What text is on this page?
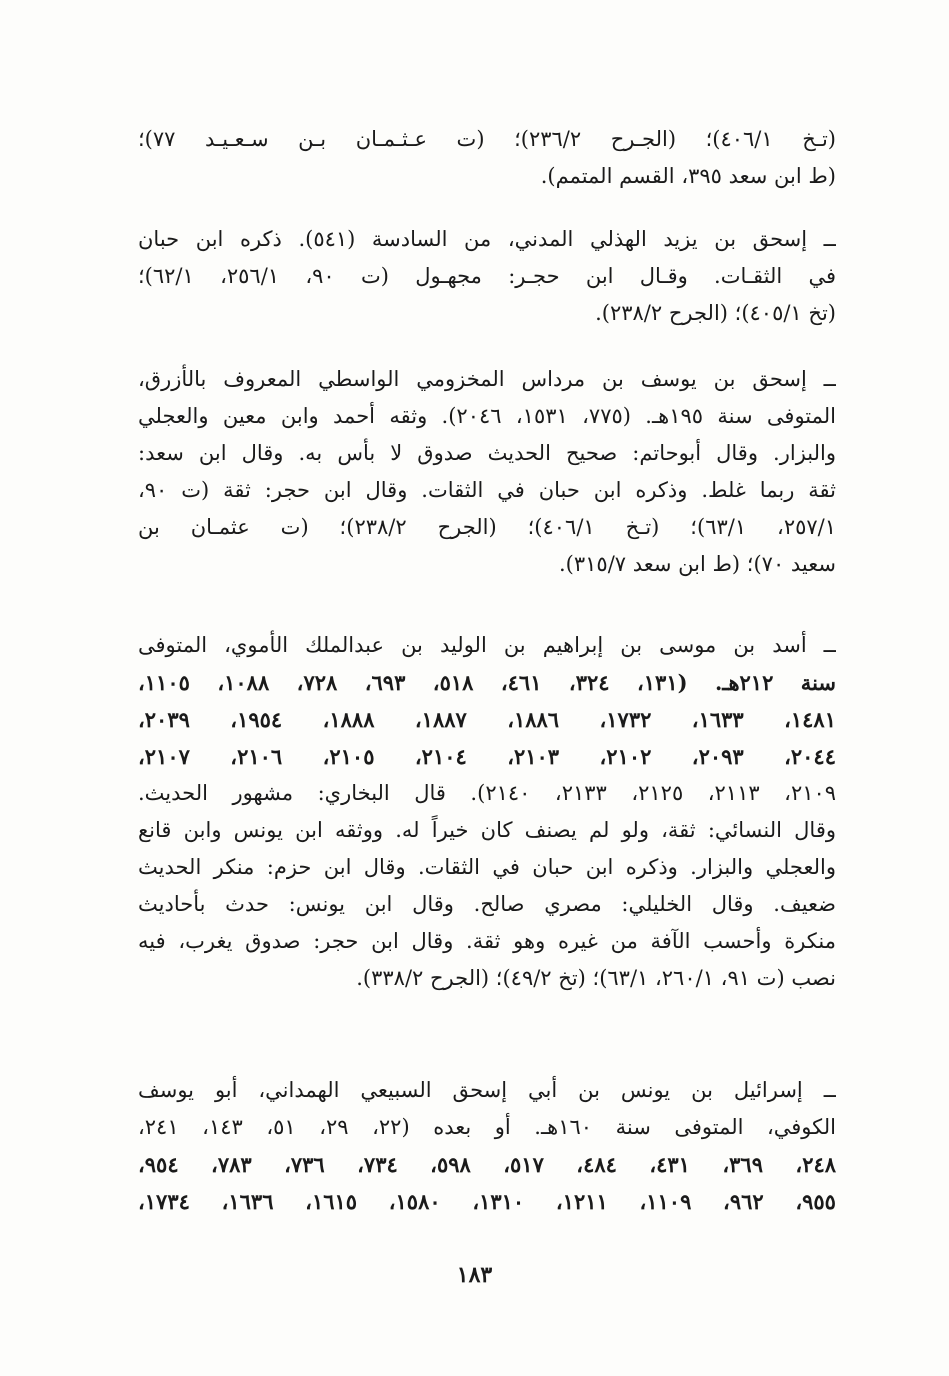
(تـخ ٤٠٦/١)؛ (الجـرح ٢٣٦/٢)؛ (ت عـثـمـان بـن سـعـيـد ٧٧)؛
(ط ابن سعد ٣٩٥، القسم المتمم).
ــ إسحق بن يزيد الهذلي المدني، من السادسة (٥٤١). ذكره ابن حبان
في الثقـات. وقـال ابن حجـر: مجهـول (ت ٩٠، ٢٥٦/١، ٦٢/١)؛
(تخ ٤٠٥/١)؛ (الجرح ٢٣٨/٢).
ــ إسحق بن يوسف بن مرداس المخزومي الواسطي المعروف بالأزرق،
المتوفى سنة ١٩٥هـ. (٧٧٥، ١٥٣١، ٢٠٤٦). وثقه أحمد وابن معين والعجلي
والبزار. وقال أبوحاتم: صحيح الحديث صدوق لا بأس به. وقال ابن سعد:
ثقة ربما غلط. وذكره ابن حبان في الثقات. وقال ابن حجر: ثقة (ت ٩٠،
٢٥٧/١، ٦٣/١)؛ (تـخ ٤٠٦/١)؛ (الجرح ٢٣٨/٢)؛ (ت عثمـان بن
سعيد ٧٠)؛ (ط ابن سعد ٣١٥/٧).
ــ أسد بن موسى بن إبراهيم بن الوليد بن عبدالملك الأموي، المتوفى
سنة ٢١٢هـ. (١٣١، ٣٢٤، ٤٦١، ٥١٨، ٦٩٣، ٧٢٨، ١٠٨٨، ١١٠٥،
١٤٨١، ١٦٣٣، ١٧٣٢، ١٨٨٦، ١٨٨٧، ١٨٨٨، ١٩٥٤، ٢٠٣٩،
٢٠٤٤، ٢٠٩٣، ٢١٠٢، ٢١٠٣، ٢١٠٤، ٢١٠٥، ٢١٠٦، ٢١٠٧،
٢١٠٩، ٢١١٣، ٢١٢٥، ٢١٣٣، ٢١٤٠). قال البخاري: مشهور الحديث.
وقال النسائي: ثقة، ولو لم يصنف كان خيراً له. ووثقه ابن يونس وابن قانع
والعجلي والبزار. وذكره ابن حبان في الثقات. وقال ابن حزم: منكر الحديث
ضعيف. وقال الخليلي: مصري صالح. وقال ابن يونس: حدث بأحاديث
منكرة وأحسب الآفة من غيره وهو ثقة. وقال ابن حجر: صدوق يغرب، فيه
نصب (ت ٩١، ٢٦٠/١، ٦٣/١)؛ (تخ ٤٩/٢)؛ (الجرح ٣٣٨/٢).
ــ إسرائيل بن يونس بن أبي إسحق السبيعي الهمداني، أبو يوسف
الكوفي، المتوفى سنة ١٦٠هـ. أو بعده (٢٢، ٢٩، ٥١، ١٤٣، ٢٤١،
٢٤٨، ٣٦٩، ٤٣١، ٤٨٤، ٥١٧، ٥٩٨، ٧٣٤، ٧٣٦، ٧٨٣، ٩٥٤،
٩٥٥، ٩٦٢، ١١٠٩، ١٢١١، ١٣١٠، ١٥٨٠، ١٦١٥، ١٦٣٦، ١٧٣٤،
١٨٣
